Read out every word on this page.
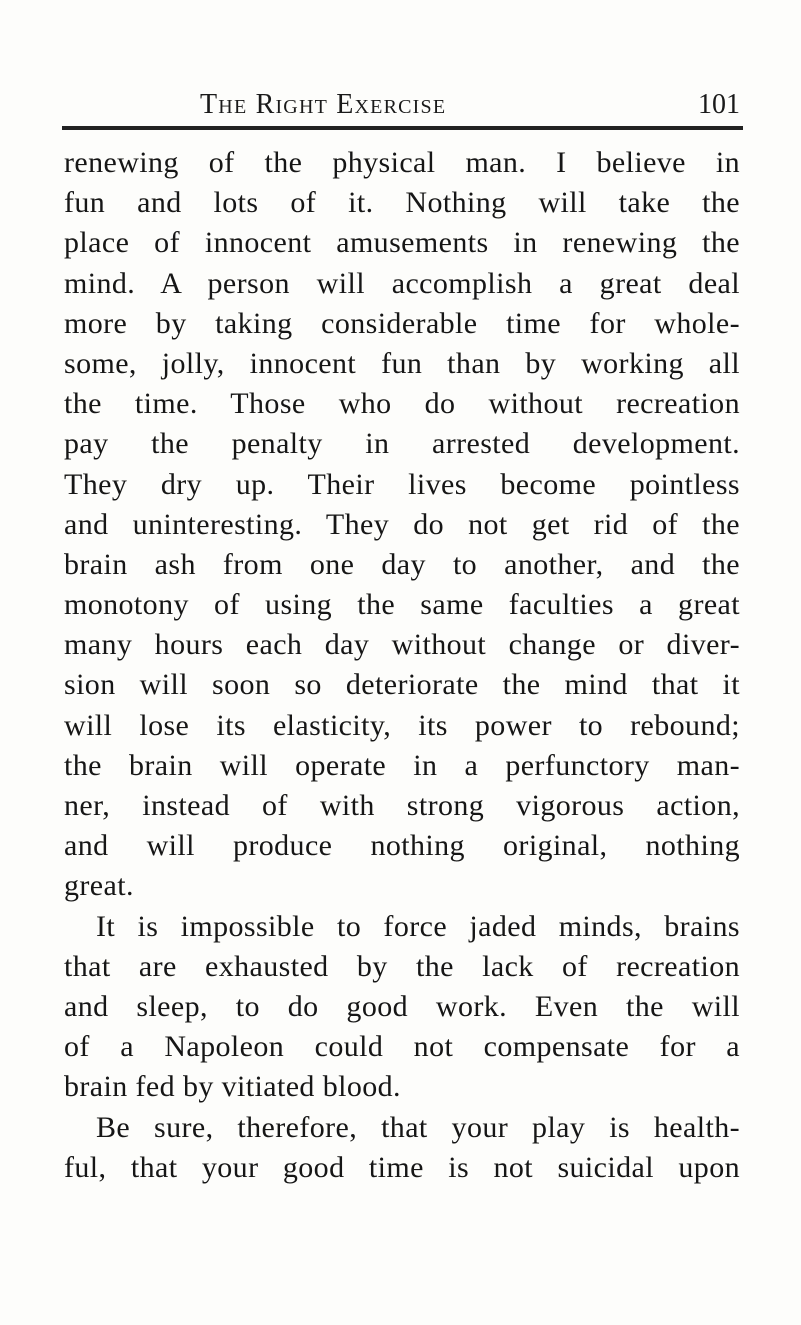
The Right Exercise	101
renewing of the physical man. I believe in
fun and lots of it. Nothing will take the
place of innocent amusements in renewing the
mind. A person will accomplish a great deal
more by taking considerable time for whole-
some, jolly, innocent fun than by working all
the time. Those who do without recreation
pay the penalty in arrested development.
They dry up. Their lives become pointless
and uninteresting. They do not get rid of the
brain ash from one day to another, and the
monotony of using the same faculties a great
many hours each day without change or diver-
sion will soon so deteriorate the mind that it
will lose its elasticity, its power to rebound;
the brain will operate in a perfunctory man-
ner, instead of with strong vigorous action,
and will produce nothing original, nothing
great.
It is impossible to force jaded minds, brains
that are exhausted by the lack of recreation
and sleep, to do good work. Even the will
of a Napoleon could not compensate for a
brain fed by vitiated blood.
Be sure, therefore, that your play is health-
ful, that your good time is not suicidal upon
